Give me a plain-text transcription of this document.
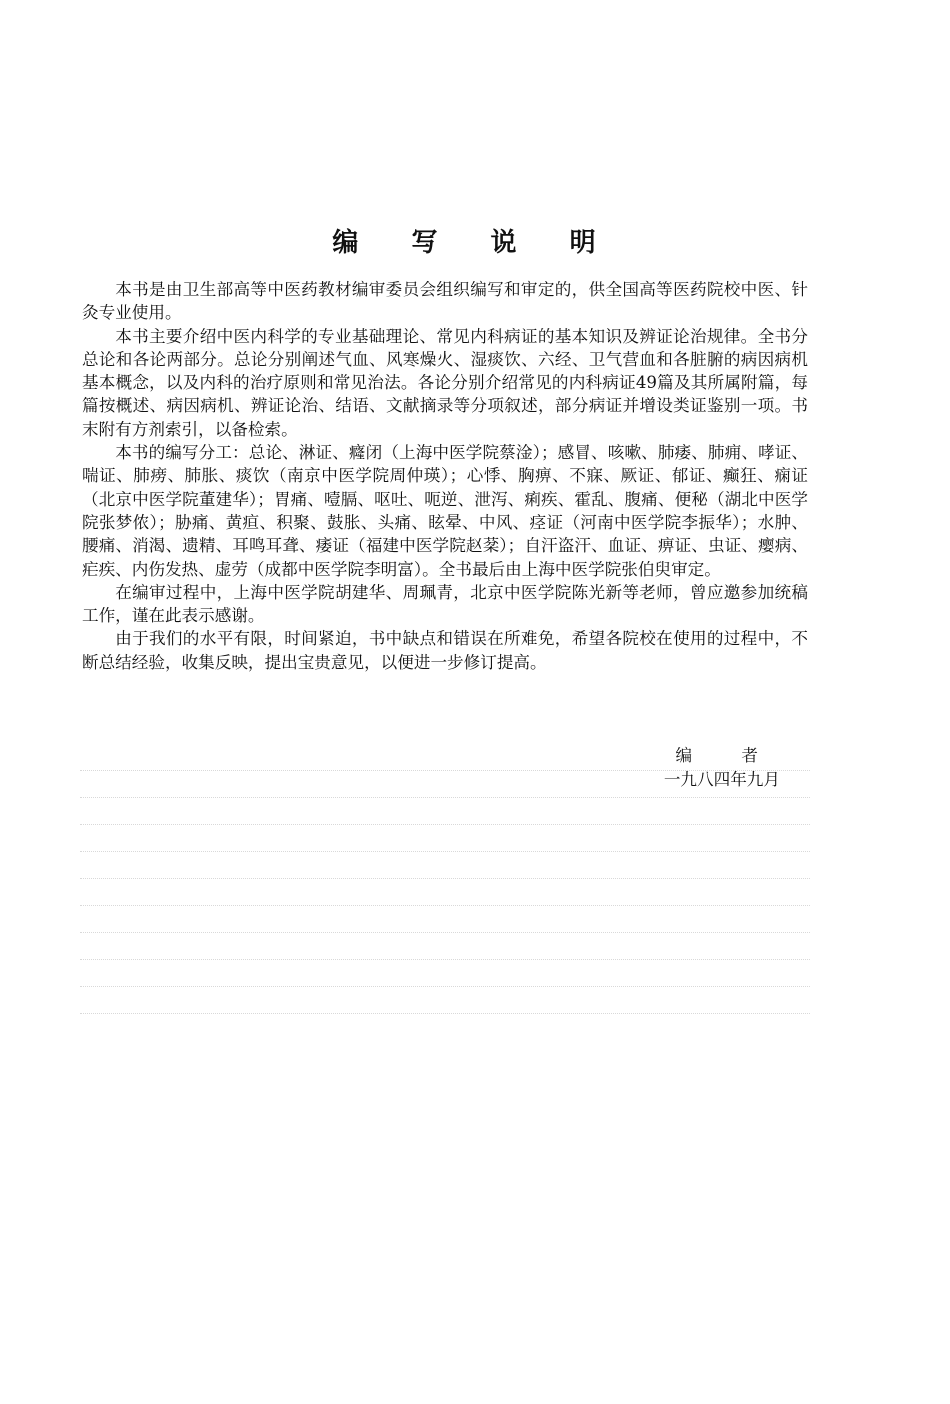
编 写 说 明

本书是由卫生部高等中医药教材编审委员会组织编写和审定的，供全国高等医药院校中医、针灸专业使用。

本书主要介绍中医内科学的专业基础理论、常见内科病证的基本知识及辨证论治规律。全书分总论和各论两部分。总论分别阐述气血、风寒燥火、湿痰饮、六经、卫气营血和各脏腑的病因病机基本概念，以及内科的治疗原则和常见治法。各论分别介绍常见的内科病证49篇及其所属附篇，每篇按概述、病因病机、辨证论治、结语、文献摘录等分项叙述，部分病证并增设类证鉴别一项。书末附有方剂索引，以备检索。

本书的编写分工：总论、淋证、癃闭（上海中医学院蔡淦）；感冒、咳嗽、肺痿、肺痈、哮证、喘证、肺痨、肺胀、痰饮（南京中医学院周仲瑛）；心悸、胸痹、不寐、厥证、郁证、癫狂、痫证（北京中医学院董建华）；胃痛、噎膈、呕吐、呃逆、泄泻、痢疾、霍乱、腹痛、便秘（湖北中医学院张梦侬）；胁痛、黄疸、积聚、鼓胀、头痛、眩晕、中风、痉证（河南中医学院李振华）；水肿、腰痛、消渴、遗精、耳鸣耳聋、痿证（福建中医学院赵棻）；自汗盗汗、血证、痹证、虫证、瘿病、疟疾、内伤发热、虚劳（成都中医学院李明富）。全书最后由上海中医学院张伯臾审定。

在编审过程中，上海中医学院胡建华、周珮青，北京中医学院陈光新等老师，曾应邀参加统稿工作，谨在此表示感谢。

由于我们的水平有限，时间紧迫，书中缺点和错误在所难免，希望各院校在使用的过程中，不断总结经验，收集反映，提出宝贵意见，以便进一步修订提高。

编 者
一九八四年九月
